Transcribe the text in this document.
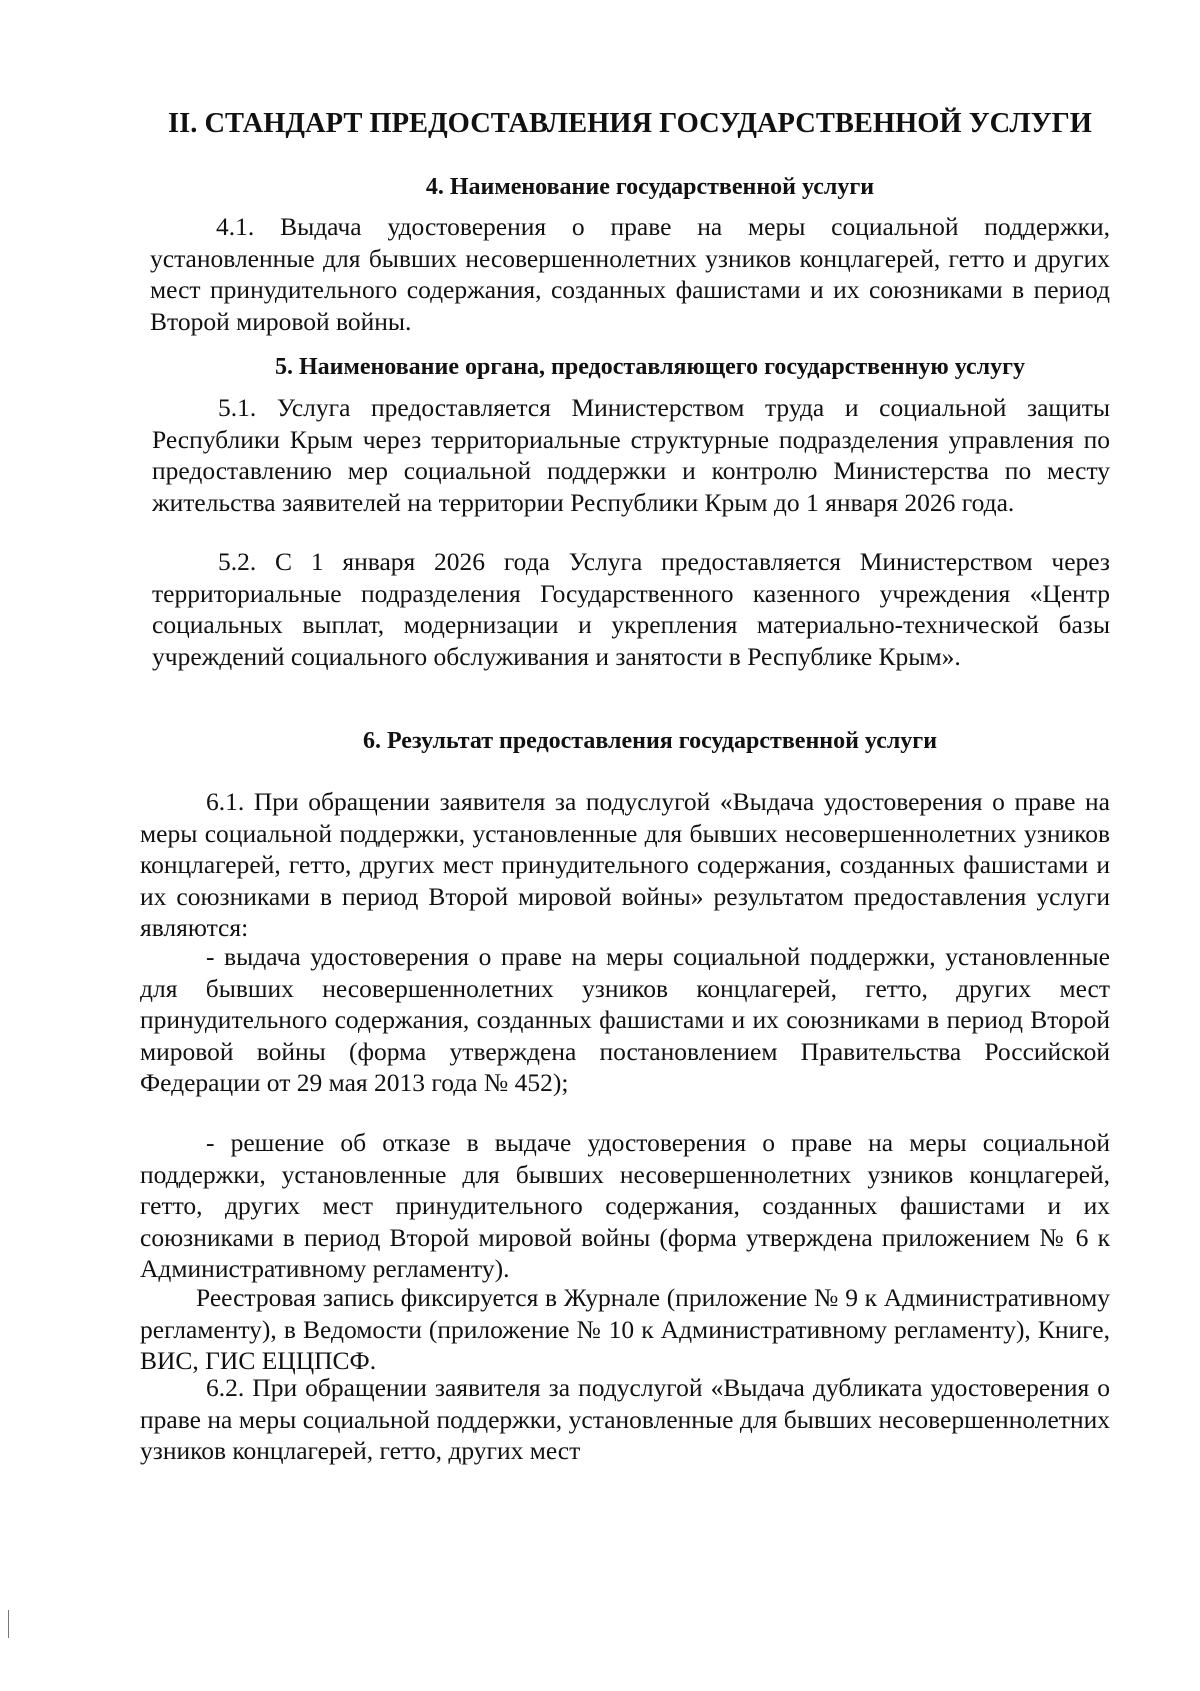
II. СТАНДАРТ ПРЕДОСТАВЛЕНИЯ ГОСУДАРСТВЕННОЙ УСЛУГИ
4. Наименование государственной услуги

4.1. Выдача удостоверения о праве на меры социальной поддержки, установленные для бывших несовершеннолетних узников концлагерей, гетто и других мест принудительного содержания, созданных фашистами и их союзниками в период Второй мировой войны.

5. Наименование органа, предоставляющего государственную услугу

5.1. Услуга предоставляется Министерством труда и социальной защиты Республики Крым через территориальные структурные подразделения управления по предоставлению мер социальной поддержки и контролю Министерства по месту жительства заявителей на территории Республики Крым до 1 января 2026 года.

5.2. С 1 января 2026 года Услуга предоставляется Министерством через территориальные подразделения Государственного казенного учреждения «Центр социальных выплат, модернизации и укрепления материально-технической базы учреждений социального обслуживания и занятости в Республике Крым».

6. Результат предоставления государственной услуги

6.1. При обращении заявителя за подуслугой «Выдача удостоверения о праве на меры социальной поддержки, установленные для бывших несовершеннолетних узников концлагерей, гетто, других мест принудительного содержания, созданных фашистами и их союзниками в период Второй мировой войны» результатом предоставления услуги являются:

- выдача удостоверения о праве на меры социальной поддержки, установленные для бывших несовершеннолетних узников концлагерей, гетто, других мест принудительного содержания, созданных фашистами и их союзниками в период Второй мировой войны (форма утверждена постановлением Правительства Российской Федерации от 29 мая 2013 года № 452);

- решение об отказе в выдаче удостоверения о праве на меры социальной поддержки, установленные для бывших несовершеннолетних узников концлагерей, гетто, других мест принудительного содержания, созданных фашистами и их союзниками в период Второй мировой войны (форма утверждена приложением № 6 к Административному регламенту).

Реестровая запись фиксируется в Журнале (приложение № 9 к Административному регламенту), в Ведомости (приложение № 10 к Административному регламенту), Книге, ВИС, ГИС ЕЦЦПСФ.

6.2. При обращении заявителя за подуслугой «Выдача дубликата удостоверения о праве на меры социальной поддержки, установленные для бывших несовершеннолетних узников концлагерей, гетто, других мест
